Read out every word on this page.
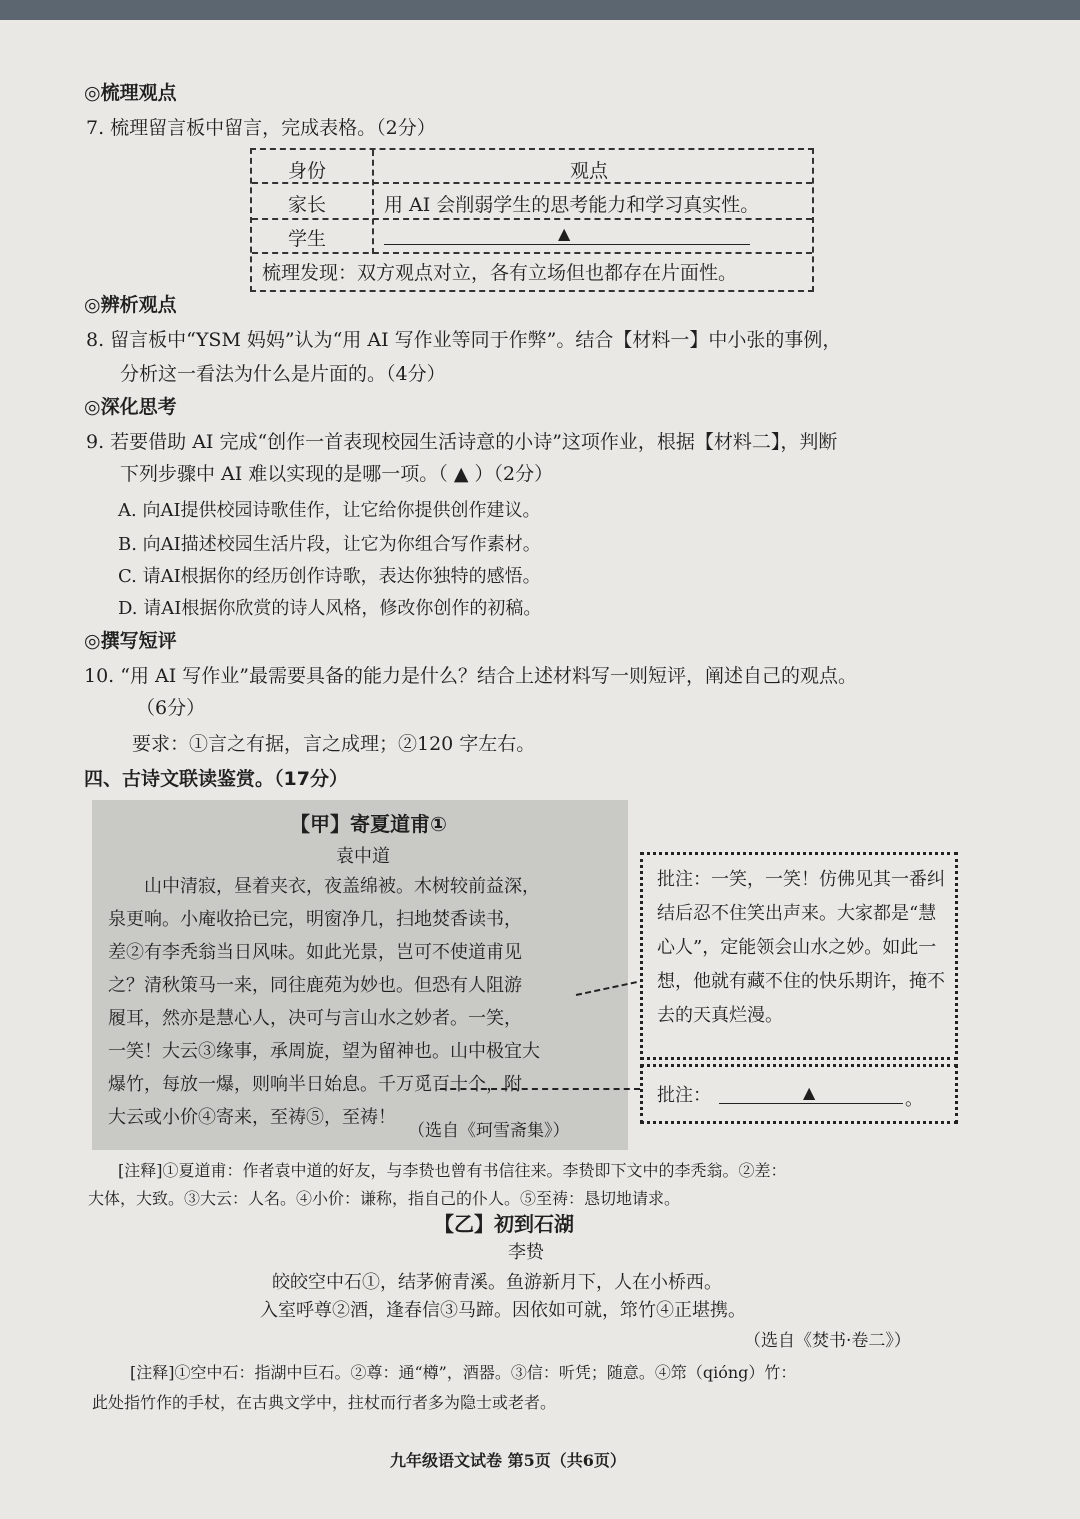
◎梳理观点
7. 梳理留言板中留言，完成表格。（2分）
身份	观点
家长	用 AI 会削弱学生的思考能力和学习真实性。
学生	▲
梳理发现：双方观点对立，各有立场但也都存在片面性。
◎辨析观点
8. 留言板中“YSM 妈妈”认为“用 AI 写作业等同于作弊”。结合【材料一】中小张的事例，
分析这一看法为什么是片面的。（4分）
◎深化思考
9. 若要借助 AI 完成“创作一首表现校园生活诗意的小诗”这项作业，根据【材料二】，判断
下列步骤中 AI 难以实现的是哪一项。（ ▲ ）（2分）
A. 向AI提供校园诗歌佳作，让它给你提供创作建议。
B. 向AI描述校园生活片段，让它为你组合写作素材。
C. 请AI根据你的经历创作诗歌，表达你独特的感悟。
D. 请AI根据你欣赏的诗人风格，修改你创作的初稿。
◎撰写短评
10. “用 AI 写作业”最需要具备的能力是什么？结合上述材料写一则短评，阐述自己的观点。
（6分）
要求：①言之有据，言之成理；②120 字左右。
四、古诗文联读鉴赏。（17分）
【甲】寄夏道甫①
袁中道
山中清寂，昼着夹衣，夜盖绵被。木树较前益深，
泉更响。小庵收拾已完，明窗净几，扫地焚香读书，
差②有李秃翁当日风味。如此光景，岂可不使道甫见
之？清秋策马一来，同往鹿苑为妙也。但恐有人阻游
履耳，然亦是慧心人，决可与言山水之妙者。一笑，
一笑！大云③缘事，承周旋，望为留神也。山中极宜大
爆竹，每放一爆，则响半日始息。千万觅百十个，附
大云或小价④寄来，至祷⑤，至祷！
（选自《珂雪斋集》）
批注：一笑，一笑！仿佛见其一番纠结后忍不住笑出声来。大家都是“慧心人”，定能领会山水之妙。如此一想，他就有藏不住的快乐期许，掩不去的天真烂漫。
批注：	▲	。
[注释]①夏道甫：作者袁中道的好友，与李贽也曾有书信往来。李贽即下文中的李秃翁。②差：
大体，大致。③大云：人名。④小价：谦称，指自己的仆人。⑤至祷：恳切地请求。
【乙】初到石湖
李贽
皎皎空中石①，结茅俯青溪。鱼游新月下，人在小桥西。
入室呼尊②酒，逢春信③马蹄。因依如可就，筇竹④正堪携。
（选自《焚书·卷二》）
[注释]①空中石：指湖中巨石。②尊：通“樽”，酒器。③信：听凭；随意。④筇（qióng）竹：
此处指竹作的手杖，在古典文学中，拄杖而行者多为隐士或老者。
九年级语文试卷 第5页（共6页）
